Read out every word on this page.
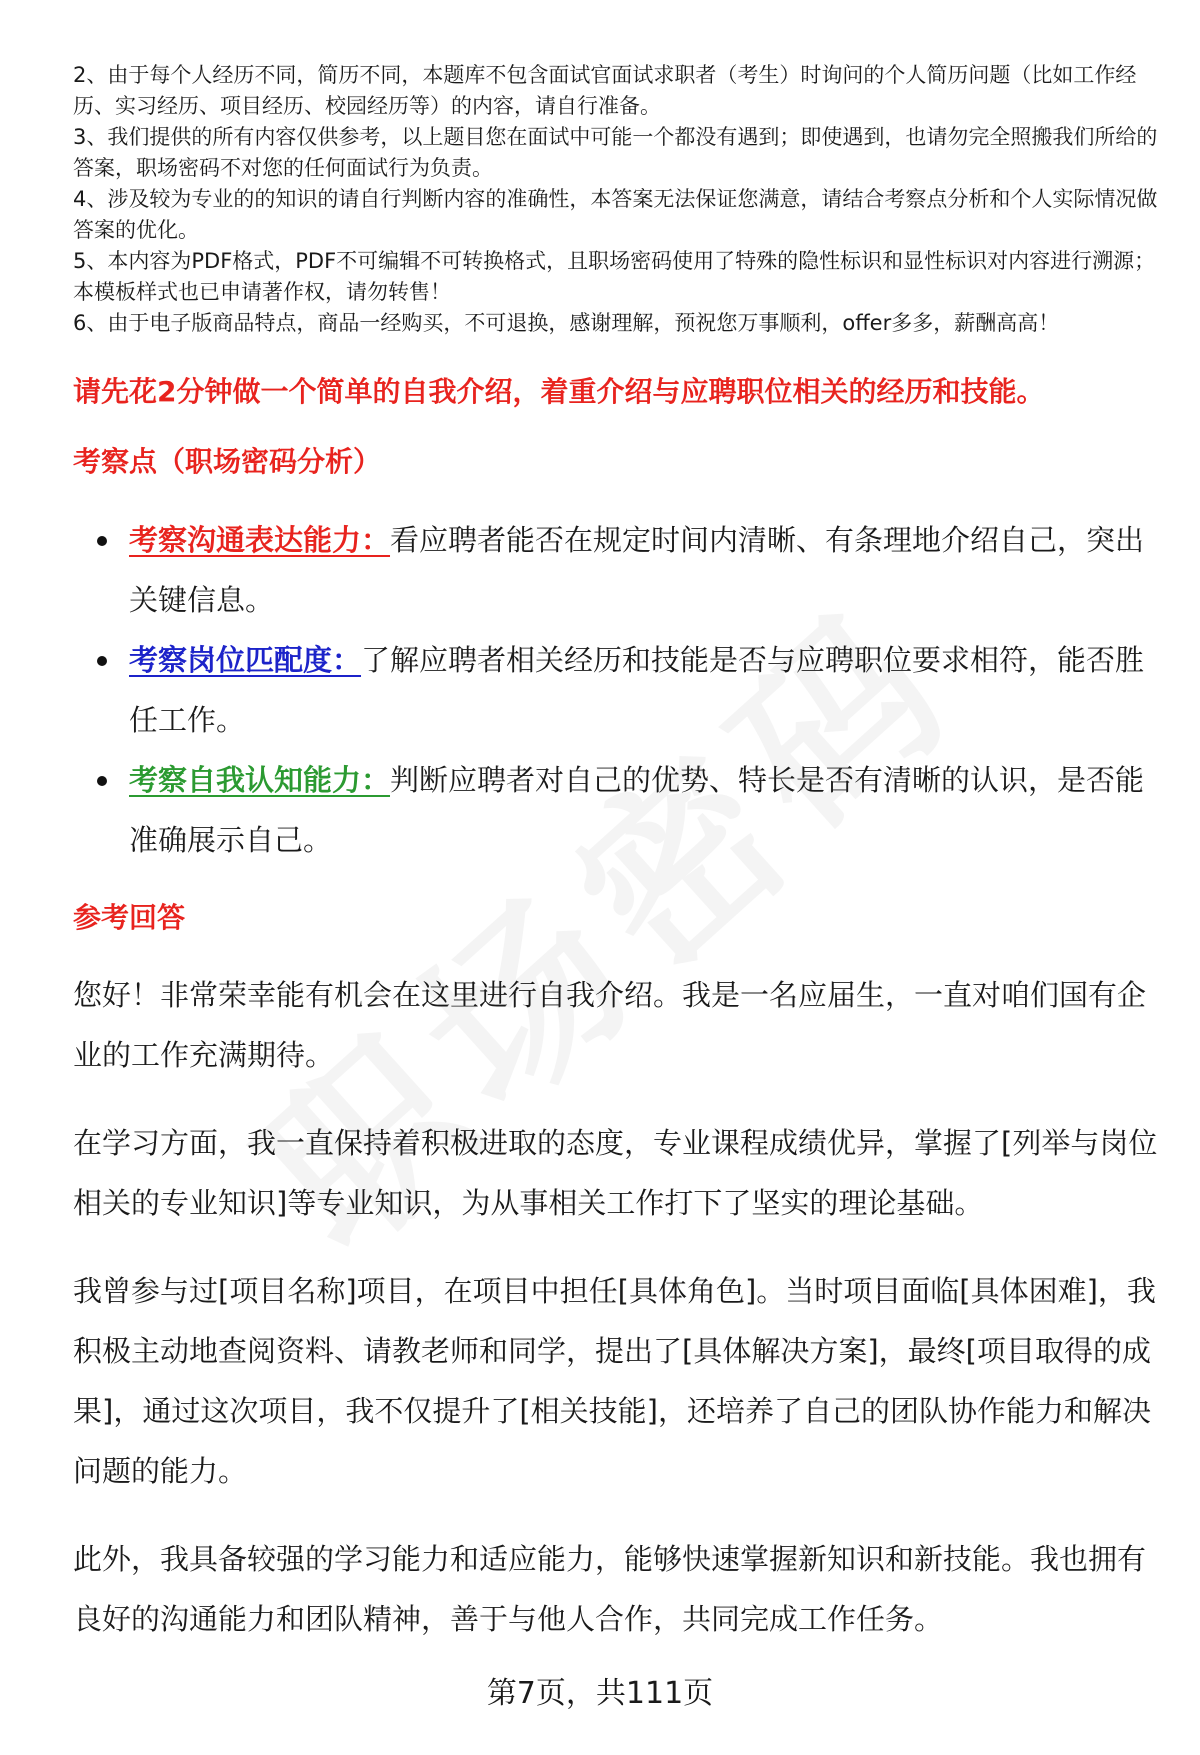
2、由于每个人经历不同，简历不同，本题库不包含面试官面试求职者（考生）时询问的个人简历问题（比如工作经历、实习经历、项目经历、校园经历等）的内容，请自行准备。

3、我们提供的所有内容仅供参考，以上题目您在面试中可能一个都没有遇到；即使遇到，也请勿完全照搬我们所给的答案，职场密码不对您的任何面试行为负责。

4、涉及较为专业的的知识的请自行判断内容的准确性，本答案无法保证您满意，请结合考察点分析和个人实际情况做答案的优化。

5、本内容为PDF格式，PDF不可编辑不可转换格式，且职场密码使用了特殊的隐性标识和显性标识对内容进行溯源；本模板样式也已申请著作权，请勿转售！

6、由于电子版商品特点，商品一经购买，不可退换，感谢理解，预祝您万事顺利，offer多多，薪酬高高！

请先花2分钟做一个简单的自我介绍，着重介绍与应聘职位相关的经历和技能。
考察点（职场密码分析）
考察沟通表达能力：看应聘者能否在规定时间内清晰、有条理地介绍自己，突出关键信息。
考察岗位匹配度：了解应聘者相关经历和技能是否与应聘职位要求相符，能否胜任工作。
考察自我认知能力：判断应聘者对自己的优势、特长是否有清晰的认识，是否能准确展示自己。
参考回答

您好！非常荣幸能有机会在这里进行自我介绍。我是一名应届生，一直对咱们国有企业的工作充满期待。

在学习方面，我一直保持着积极进取的态度，专业课程成绩优异，掌握了[列举与岗位相关的专业知识]等专业知识，为从事相关工作打下了坚实的理论基础。

我曾参与过[项目名称]项目，在项目中担任[具体角色]。当时项目面临[具体困难]，我积极主动地查阅资料、请教老师和同学，提出了[具体解决方案]，最终[项目取得的成果]，通过这次项目，我不仅提升了[相关技能]，还培养了自己的团队协作能力和解决问题的能力。

此外，我具备较强的学习能力和适应能力，能够快速掌握新知识和新技能。我也拥有良好的沟通能力和团队精神，善于与他人合作，共同完成工作任务。

第7页，共111页
